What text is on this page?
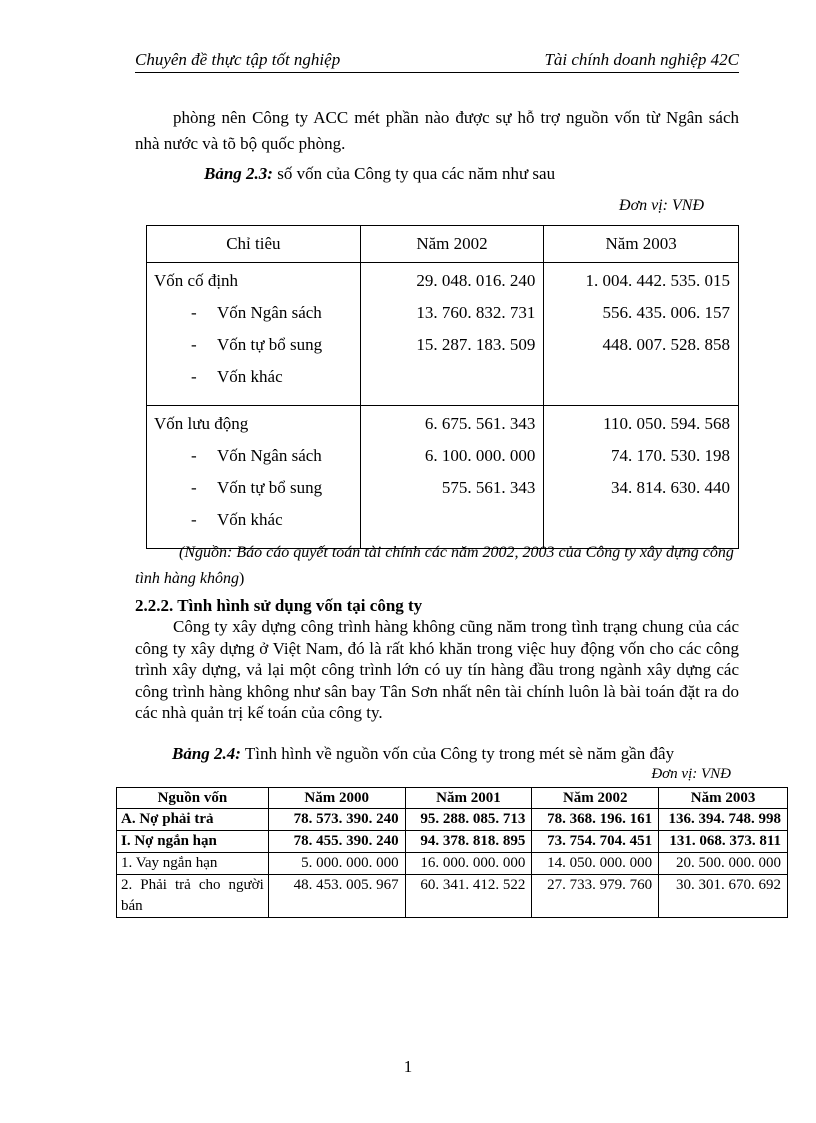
Chuyên đề thực tập tốt nghiệp	Tài chính doanh nghiệp 42C

phòng nên Công ty ACC mét phần nào được sự hỗ trợ nguồn vốn từ Ngân sách nhà nước và tõ bộ quốc phòng.

Bảng 2.3: số vốn của Công ty qua các năm như sau
Đơn vị: VNĐ
Chỉ tiêu	Năm 2002	Năm 2003
Vốn cố định	29. 048. 016. 240	1. 004. 442. 535. 015
- Vốn Ngân sách	13. 760. 832. 731	556. 435. 006. 157
- Vốn tự bổ sung	15. 287. 183. 509	448. 007. 528. 858
- Vốn khác		
Vốn lưu động	6. 675. 561. 343	110. 050. 594. 568
- Vốn Ngân sách	6. 100. 000. 000	74. 170. 530. 198
- Vốn tự bổ sung	575. 561. 343	34. 814. 630. 440
- Vốn khác		

(Nguồn: Báo cáo quyết toán tài chính các năm 2002, 2003 của Công ty xây dựng công tình hàng không)

2.2.2. Tình hình sử dụng vốn tại công ty

Công ty xây dựng công trình hàng không cũng năm trong tình trạng chung của các công ty xây dựng ở Việt Nam, đó là rất khó khăn trong việc huy động vốn cho các công trình xây dựng, vả lại một công trình lớn có uy tín hàng đầu trong ngành xây dựng các công trình hàng không như sân bay Tân Sơn nhất nên tài chính luôn là bài toán đặt ra do các nhà quản trị kế toán của công ty.

Bảng 2.4: Tình hình về nguồn vốn của Công ty trong mét sè năm gần đây
Đơn vị: VNĐ
Nguồn vốn	Năm 2000	Năm 2001	Năm 2002	Năm 2003
A. Nợ phải trả	78. 573. 390. 240	95. 288. 085. 713	78. 368. 196. 161	136. 394. 748. 998
I. Nợ ngắn hạn	78. 455. 390. 240	94. 378. 818. 895	73. 754. 704. 451	131. 068. 373. 811
1. Vay ngắn hạn	5. 000. 000. 000	16. 000. 000. 000	14. 050. 000. 000	20. 500. 000. 000
2. Phải trả cho người bán	48. 453. 005. 967	60. 341. 412. 522	27. 733. 979. 760	30. 301. 670. 692
1
